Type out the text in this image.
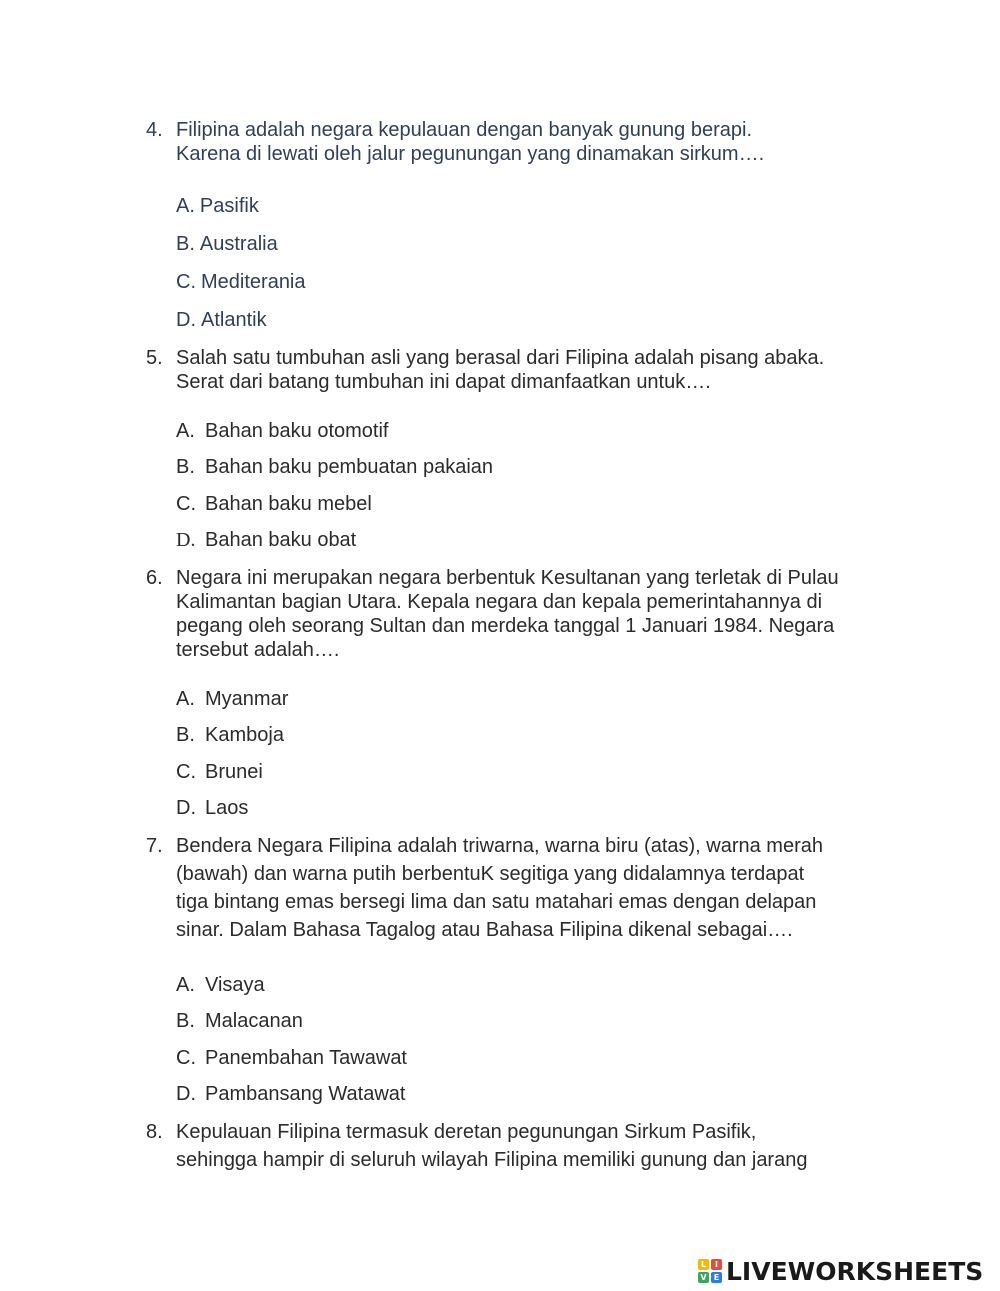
4. Filipina adalah negara kepulauan dengan banyak gunung berapi.
Karena di lewati oleh jalur pegunungan yang dinamakan sirkum….
A. Pasifik
B. Australia
C. Mediterania
D. Atlantik
5. Salah satu tumbuhan asli yang berasal dari Filipina adalah pisang abaka.
Serat dari batang tumbuhan ini dapat dimanfaatkan untuk….
A. Bahan baku otomotif
B. Bahan baku pembuatan pakaian
C. Bahan baku mebel
D. Bahan baku obat
6. Negara ini merupakan negara berbentuk Kesultanan yang terletak di Pulau
Kalimantan bagian Utara. Kepala negara dan kepala pemerintahannya di
pegang oleh seorang Sultan dan merdeka tanggal 1 Januari 1984. Negara
tersebut adalah….
A. Myanmar
B. Kamboja
C. Brunei
D. Laos
7. Bendera Negara Filipina adalah triwarna, warna biru (atas), warna merah
(bawah) dan warna putih berbentuK segitiga yang didalamnya terdapat
tiga bintang emas bersegi lima dan satu matahari emas dengan delapan
sinar. Dalam Bahasa Tagalog atau Bahasa Filipina dikenal sebagai….
A. Visaya
B. Malacanan
C. Panembahan Tawawat
D. Pambansang Watawat
8. Kepulauan Filipina termasuk deretan pegunungan Sirkum Pasifik,
sehingga hampir di seluruh wilayah Filipina memiliki gunung dan jarang
L	I
V E LIVEWORKSHEETS
